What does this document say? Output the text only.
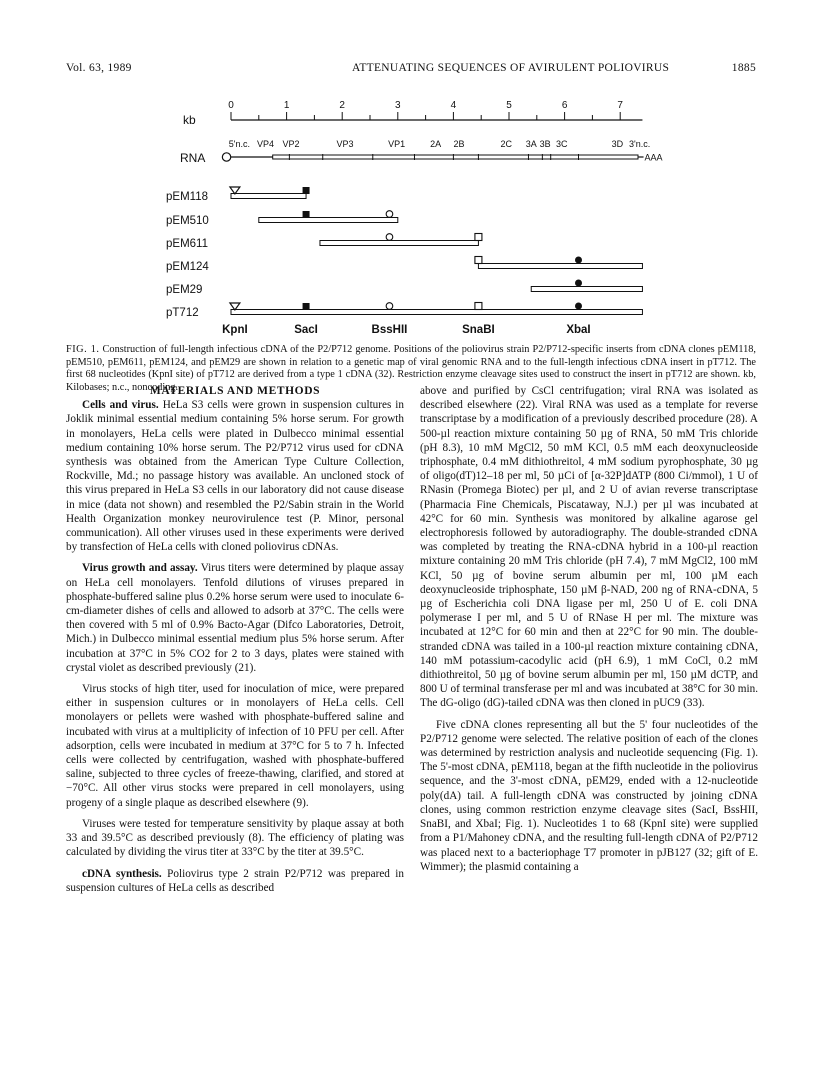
Vol. 63, 1989	ATTENUATING SEQUENCES OF AVIRULENT POLIOVIRUS	1885
kb
0	1	2	3	4	5	6	7
RNA
5'n.c. VP4 VP2	VP3	VP1	2A 2B	2C 3A 3B 3C	3D 3'n.c.
AAA
pEM118
pEM510
pEM611
pEM124
pEM29
pT712
KpnI	SacI	BssHII	SnaBI	XbaI
FIG. 1. Construction of full-length infectious cDNA of the P2/P712 genome. Positions of the poliovirus strain P2/P712-specific inserts from cDNA clones pEM118, pEM510, pEM611, pEM124, and pEM29 are shown in relation to a genetic map of viral genomic RNA and to the full-length infectious cDNA insert in pT712. The first 68 nucleotides (KpnI site) of pT712 are derived from a type 1 cDNA (32). Restriction enzyme cleavage sites used to construct the insert in pT712 are shown. kb, Kilobases; n.c., noncoding.

MATERIALS AND METHODS

Cells and virus. HeLa S3 cells were grown in suspension cultures in Joklik minimal essential medium containing 5% horse serum. For growth in monolayers, HeLa cells were plated in Dulbecco minimal essential medium containing 10% horse serum. The P2/P712 virus used for cDNA synthesis was obtained from the American Type Culture Collection, Rockville, Md.; no passage history was available. An uncloned stock of this virus prepared in HeLa S3 cells in our laboratory did not cause disease in mice (data not shown) and resembled the P2/Sabin strain in the World Health Organization monkey neurovirulence test (P. Minor, personal communication). All other viruses used in these experiments were derived by transfection of HeLa cells with cloned poliovirus cDNAs.

Virus growth and assay. Virus titers were determined by plaque assay on HeLa cell monolayers. Tenfold dilutions of viruses prepared in phosphate-buffered saline plus 0.2% horse serum were used to inoculate 6-cm-diameter dishes of cells and allowed to adsorb at 37°C. The cells were then covered with 5 ml of 0.9% Bacto-Agar (Difco Laboratories, Detroit, Mich.) in Dulbecco minimal essential medium plus 5% horse serum. After incubation at 37°C in 5% CO2 for 2 to 3 days, plates were stained with crystal violet as described previously (21).

Virus stocks of high titer, used for inoculation of mice, were prepared either in suspension cultures or in monolayers of HeLa cells. Cell monolayers or pellets were washed with phosphate-buffered saline and incubated with virus at a multiplicity of infection of 10 PFU per cell. After adsorption, cells were incubated in medium at 37°C for 5 to 7 h. Infected cells were collected by centrifugation, washed with phosphate-buffered saline, subjected to three cycles of freeze-thawing, clarified, and stored at −70°C. All other virus stocks were prepared in cell monolayers, using progeny of a single plaque as described elsewhere (9).

Viruses were tested for temperature sensitivity by plaque assay at both 33 and 39.5°C as described previously (8). The efficiency of plating was calculated by dividing the virus titer at 33°C by the titer at 39.5°C.

cDNA synthesis. Poliovirus type 2 strain P2/P712 was prepared in suspension cultures of HeLa cells as described

above and purified by CsCl centrifugation; viral RNA was isolated as described elsewhere (22). Viral RNA was used as a template for reverse transcriptase by a modification of a previously described procedure (28). A 500-µl reaction mixture containing 50 µg of RNA, 50 mM Tris chloride (pH 8.3), 10 mM MgCl2, 50 mM KCl, 0.5 mM each deoxynucleoside triphosphate, 0.4 mM dithiothreitol, 4 mM sodium pyrophosphate, 30 µg of oligo(dT)12–18 per ml, 50 µCi of [α-32P]dATP (800 Ci/mmol), 1 U of RNasin (Promega Biotec) per µl, and 2 U of avian reverse transcriptase (Pharmacia Fine Chemicals, Piscataway, N.J.) per µl was incubated at 42°C for 60 min. Synthesis was monitored by alkaline agarose gel electrophoresis followed by autoradiography. The double-stranded cDNA was completed by treating the RNA-cDNA hybrid in a 100-µl reaction mixture containing 20 mM Tris chloride (pH 7.4), 7 mM MgCl2, 100 mM KCl, 50 µg of bovine serum albumin per ml, 100 µM each deoxynucleoside triphosphate, 150 µM β-NAD, 200 ng of RNA-cDNA, 5 µg of Escherichia coli DNA ligase per ml, 250 U of E. coli DNA polymerase I per ml, and 5 U of RNase H per ml. The mixture was incubated at 12°C for 60 min and then at 22°C for 90 min. The double-stranded cDNA was tailed in a 100-µl reaction mixture containing cDNA, 140 mM potassium-cacodylic acid (pH 6.9), 1 mM CoCl, 0.2 mM dithiothreitol, 50 µg of bovine serum albumin per ml, 150 µM dCTP, and 800 U of terminal transferase per ml and was incubated at 38°C for 30 min. The dG-oligo (dG)-tailed cDNA was then cloned in pUC9 (33).

Five cDNA clones representing all but the 5' four nucleotides of the P2/P712 genome were selected. The relative position of each of the clones was determined by restriction analysis and nucleotide sequencing (Fig. 1). The 5'-most cDNA, pEM118, began at the fifth nucleotide in the poliovirus sequence, and the 3'-most cDNA, pEM29, ended with a 12-nucleotide poly(dA) tail. A full-length cDNA was constructed by joining cDNA clones, using common restriction enzyme cleavage sites (SacI, BssHII, SnaBI, and XbaI; Fig. 1). Nucleotides 1 to 68 (KpnI site) were supplied from a P1/Mahoney cDNA, and the resulting full-length cDNA of P2/P712 was placed next to a bacteriophage T7 promoter in pJB127 (32; gift of E. Wimmer); the plasmid containing a
